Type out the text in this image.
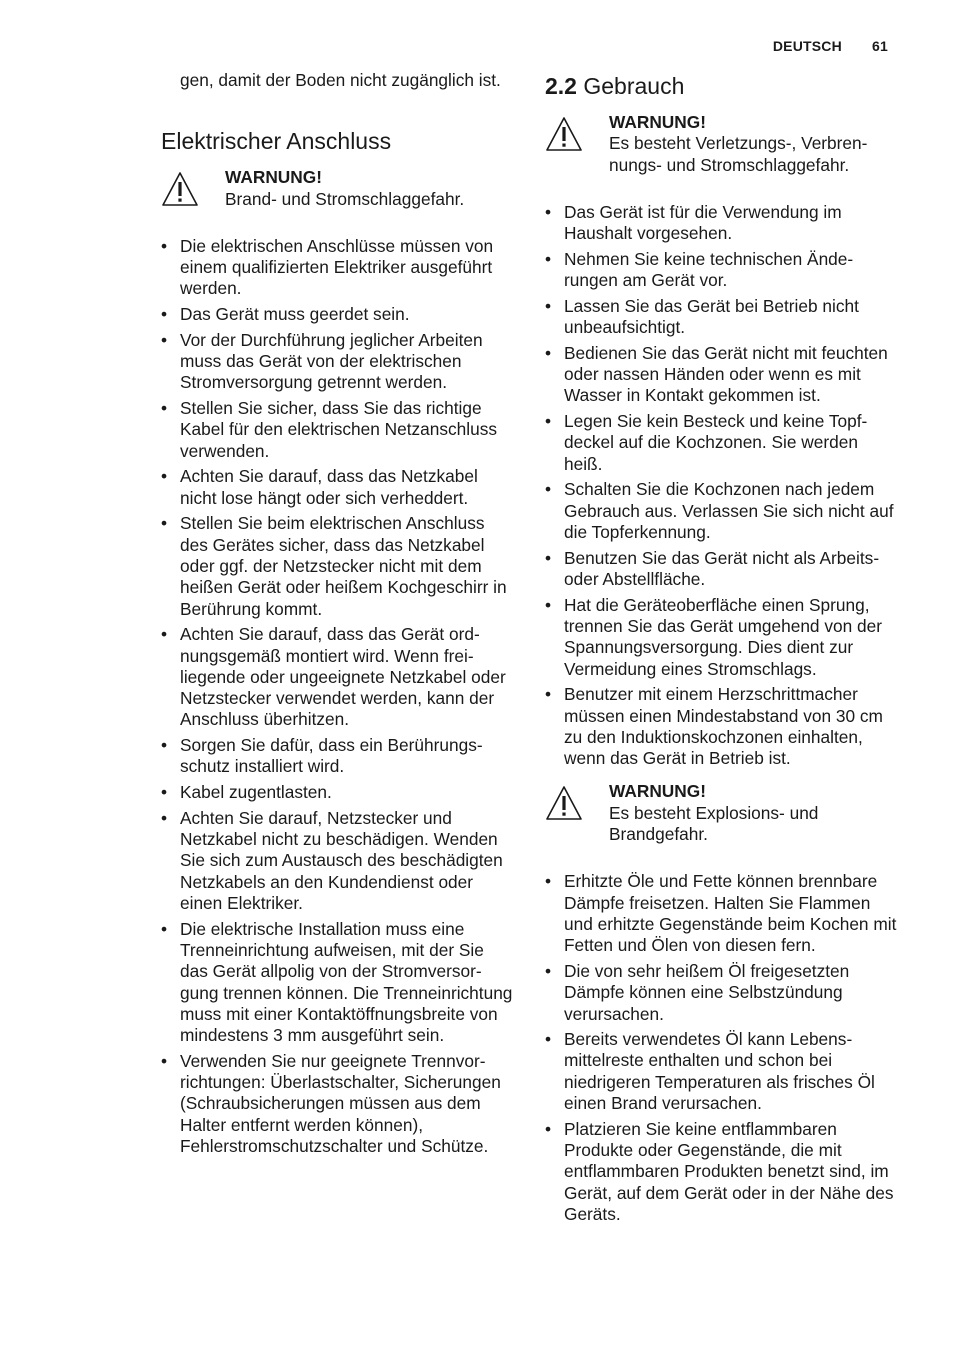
DEUTSCH 61

gen, damit der Boden nicht zugänglich ist.

Elektrischer Anschluss
WARNUNG!
Brand- und Stromschlaggefahr.
• Die elektrischen Anschlüsse müssen von einem qualifizierten Elektriker ausgeführt werden.
• Das Gerät muss geerdet sein.
• Vor der Durchführung jeglicher Arbeiten muss das Gerät von der elektrischen Stromversorgung getrennt werden.
• Stellen Sie sicher, dass Sie das richtige Kabel für den elektrischen Netzanschluss verwenden.
• Achten Sie darauf, dass das Netzkabel nicht lose hängt oder sich verheddert.
• Stellen Sie beim elektrischen Anschluss des Gerätes sicher, dass das Netzkabel oder ggf. der Netzstecker nicht mit dem heißen Gerät oder heißem Kochgeschirr in Berührung kommt.
• Achten Sie darauf, dass das Gerät ordnungsgemäß montiert wird. Wenn freiliegende oder ungeeignete Netzkabel oder Netzstecker verwendet werden, kann der Anschluss überhitzen.
• Sorgen Sie dafür, dass ein Berührungsschutz installiert wird.
• Kabel zugentlasten.
• Achten Sie darauf, Netzstecker und Netzkabel nicht zu beschädigen. Wenden Sie sich zum Austausch des beschädigten Netzkabels an den Kundendienst oder einen Elektriker.
• Die elektrische Installation muss eine Trenneinrichtung aufweisen, mit der Sie das Gerät allpolig von der Stromversorgung trennen können. Die Trenneinrichtung muss mit einer Kontaktöffnungsbreite von mindestens 3 mm ausgeführt sein.
• Verwenden Sie nur geeignete Trennvorrichtungen: Überlastschalter, Sicherungen (Schraubsicherungen müssen aus dem Halter entfernt werden können), Fehlerstromschutzschalter und Schütze.
2.2 Gebrauch
WARNUNG!
Es besteht Verletzungs-, Verbrennungs- und Stromschlaggefahr.
• Das Gerät ist für die Verwendung im Haushalt vorgesehen.
• Nehmen Sie keine technischen Änderungen am Gerät vor.
• Lassen Sie das Gerät bei Betrieb nicht unbeaufsichtigt.
• Bedienen Sie das Gerät nicht mit feuchten oder nassen Händen oder wenn es mit Wasser in Kontakt gekommen ist.
• Legen Sie kein Besteck und keine Topfdeckel auf die Kochzonen. Sie werden heiß.
• Schalten Sie die Kochzonen nach jedem Gebrauch aus. Verlassen Sie sich nicht auf die Topferkennung.
• Benutzen Sie das Gerät nicht als Arbeits- oder Abstellfläche.
• Hat die Geräteoberfläche einen Sprung, trennen Sie das Gerät umgehend von der Spannungsversorgung. Dies dient zur Vermeidung eines Stromschlags.
• Benutzer mit einem Herzschrittmacher müssen einen Mindestabstand von 30 cm zu den Induktionskochzonen einhalten, wenn das Gerät in Betrieb ist.
WARNUNG!
Es besteht Explosions- und Brandgefahr.
• Erhitzte Öle und Fette können brennbare Dämpfe freisetzen. Halten Sie Flammen und erhitzte Gegenstände beim Kochen mit Fetten und Ölen von diesen fern.
• Die von sehr heißem Öl freigesetzten Dämpfe können eine Selbstzündung verursachen.
• Bereits verwendetes Öl kann Lebensmittelreste enthalten und schon bei niedrigeren Temperaturen als frisches Öl einen Brand verursachen.
• Platzieren Sie keine entflammbaren Produkte oder Gegenstände, die mit entflammbaren Produkten benetzt sind, im Gerät, auf dem Gerät oder in der Nähe des Geräts.
